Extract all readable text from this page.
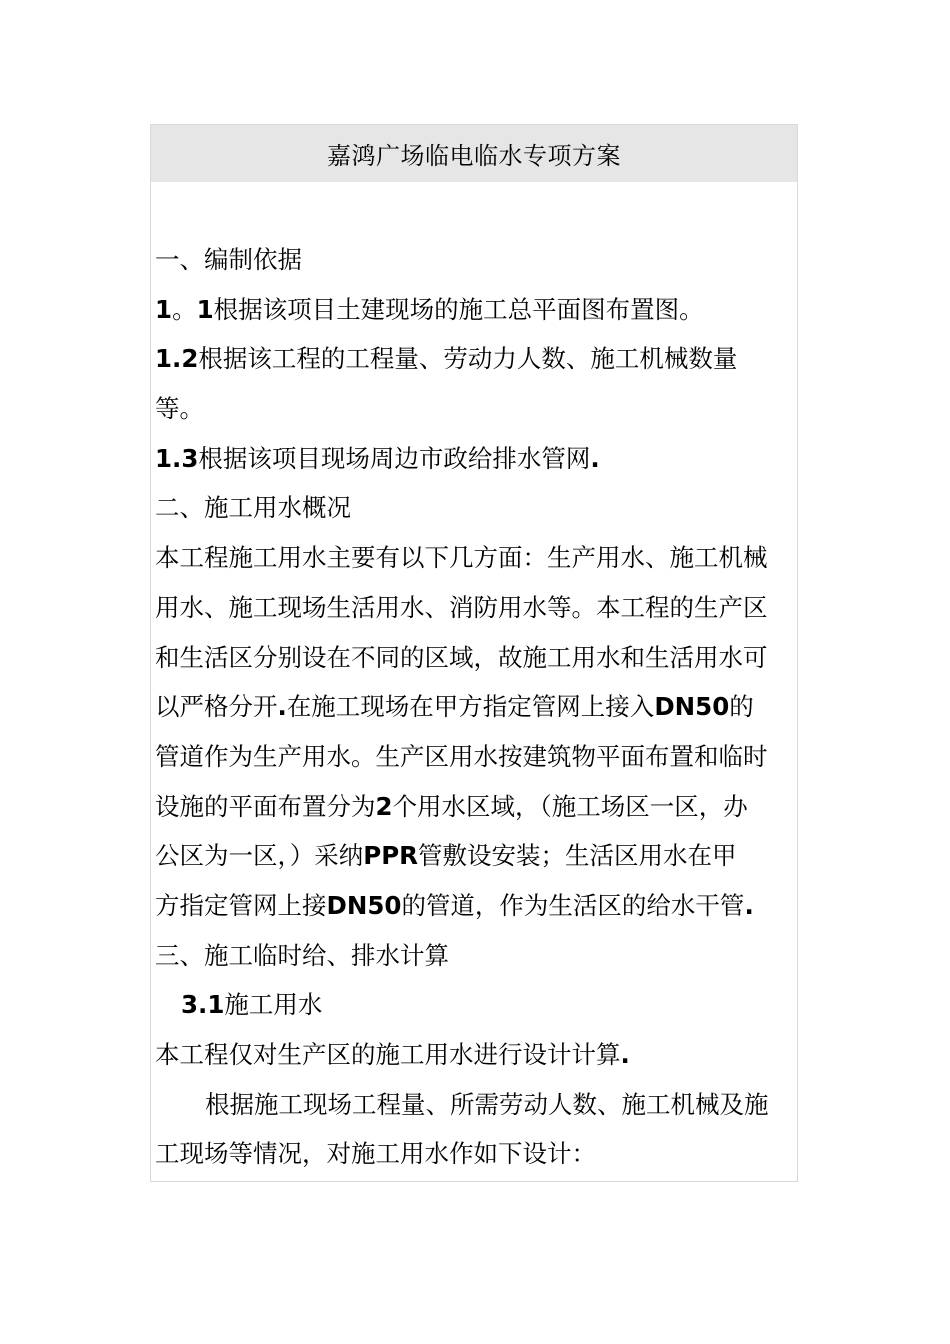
嘉鸿广场临电临水专项方案
一、编制依据
1。1根据该项目土建现场的施工总平面图布置图。
1.2根据该工程的工程量、劳动力人数、施工机械数量
等。
1.3根据该项目现场周边市政给排水管网.
二、施工用水概况
本工程施工用水主要有以下几方面：生产用水、施工机械
用水、施工现场生活用水、消防用水等。本工程的生产区
和生活区分别设在不同的区域，故施工用水和生活用水可
以严格分开.在施工现场在甲方指定管网上接入DN50的
管道作为生产用水。生产区用水按建筑物平面布置和临时
设施的平面布置分为2个用水区域，（施工场区一区，办
公区为一区，）采纳PPR管敷设安装；生活区用水在甲
方指定管网上接DN50的管道，作为生活区的给水干管.
三、施工临时给、排水计算
3.1施工用水
本工程仅对生产区的施工用水进行设计计算.
根据施工现场工程量、所需劳动人数、施工机械及施
工现场等情况，对施工用水作如下设计：
